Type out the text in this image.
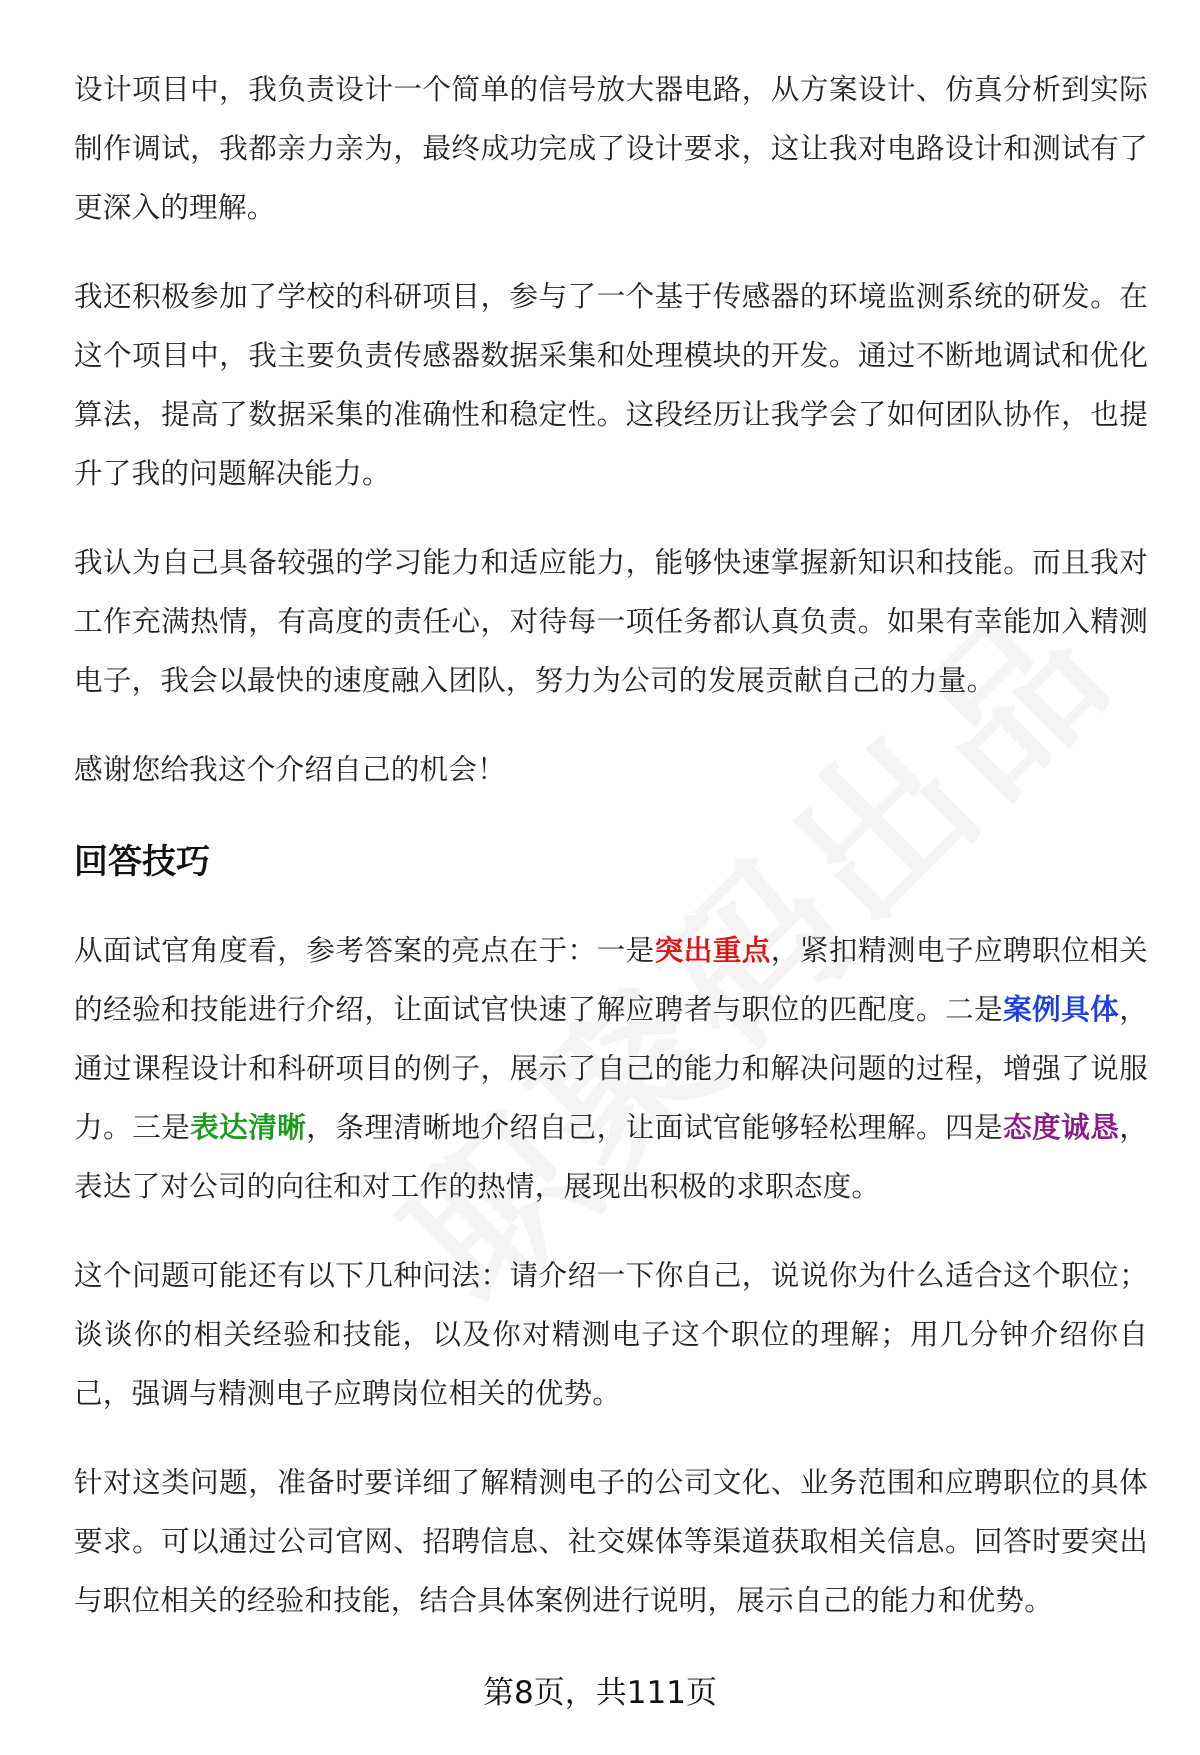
设计项目中，我负责设计一个简单的信号放大器电路，从方案设计、仿真分析到实际制作调试，我都亲力亲为，最终成功完成了设计要求，这让我对电路设计和测试有了更深入的理解。

我还积极参加了学校的科研项目，参与了一个基于传感器的环境监测系统的研发。在这个项目中，我主要负责传感器数据采集和处理模块的开发。通过不断地调试和优化算法，提高了数据采集的准确性和稳定性。这段经历让我学会了如何团队协作，也提升了我的问题解决能力。

我认为自己具备较强的学习能力和适应能力，能够快速掌握新知识和技能。而且我对工作充满热情，有高度的责任心，对待每一项任务都认真负责。如果有幸能加入精测电子，我会以最快的速度融入团队，努力为公司的发展贡献自己的力量。

感谢您给我这个介绍自己的机会！

回答技巧

从面试官角度看，参考答案的亮点在于：一是突出重点，紧扣精测电子应聘职位相关的经验和技能进行介绍，让面试官快速了解应聘者与职位的匹配度。二是案例具体，通过课程设计和科研项目的例子，展示了自己的能力和解决问题的过程，增强了说服力。三是表达清晰，条理清晰地介绍自己，让面试官能够轻松理解。四是态度诚恳，表达了对公司的向往和对工作的热情，展现出积极的求职态度。

这个问题可能还有以下几种问法：请介绍一下你自己，说说你为什么适合这个职位；谈谈你的相关经验和技能，以及你对精测电子这个职位的理解；用几分钟介绍你自己，强调与精测电子应聘岗位相关的优势。

针对这类问题，准备时要详细了解精测电子的公司文化、业务范围和应聘职位的具体要求。可以通过公司官网、招聘信息、社交媒体等渠道获取相关信息。回答时要突出与职位相关的经验和技能，结合具体案例进行说明，展示自己的能力和优势。

第8页，共111页
